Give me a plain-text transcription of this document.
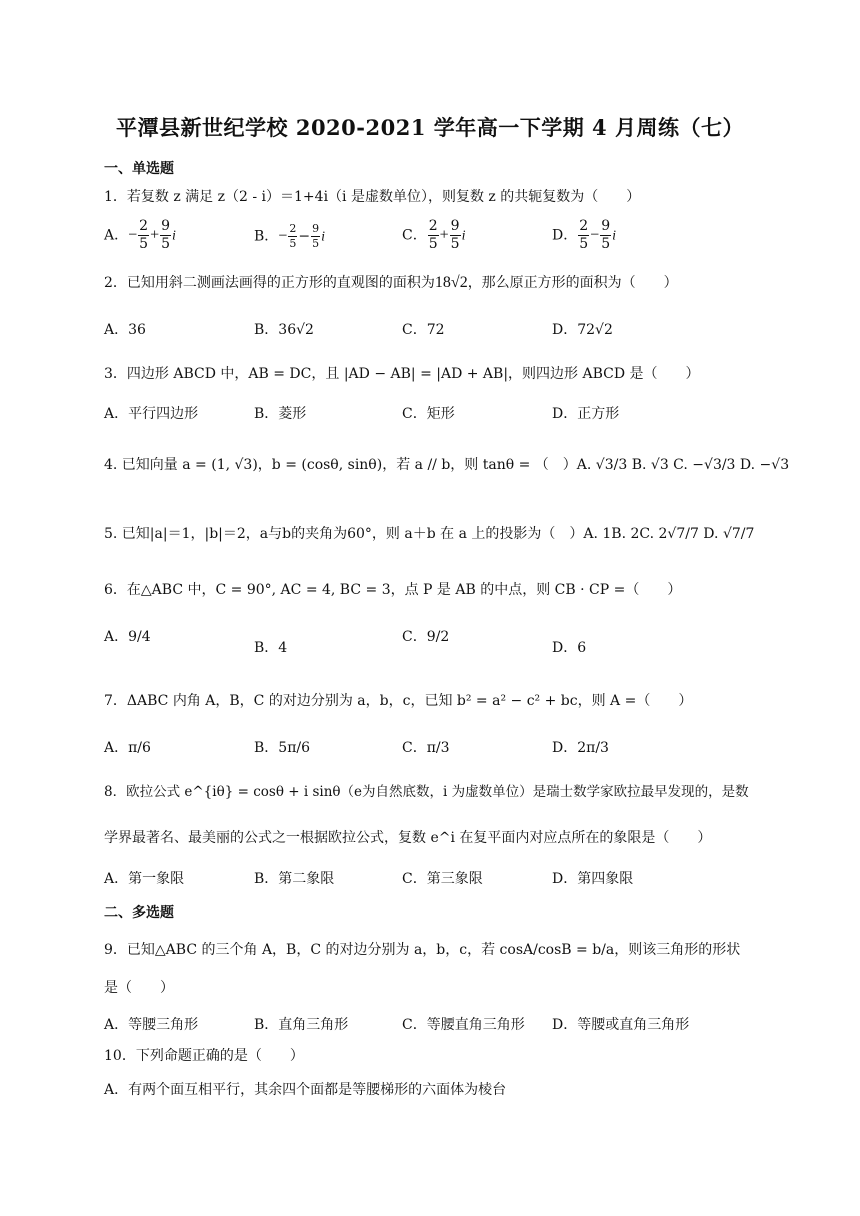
平潭县新世纪学校 2020-2021 学年高一下学期 4 月周练（七）
一、单选题
1．若复数 z 满足 z（2 - i）＝1+4i（i 是虚数单位），则复数 z 的共轭复数为（　　）
A．− $\frac{2}{5} + \frac{9}{5}$ i	B．− $\frac{2}{5} - \frac{9}{5}$ i	C． $\frac{2}{5} + \frac{9}{5}$ i	D． $\frac{2}{5} - \frac{9}{5}$ i
2．已知用斜二测画法画得的正方形的直观图的面积为18√2，那么原正方形的面积为（　　）
A．36	B．36√2	C．72	D．72√2
3．四边形 ABCD 中，AB = DC，且 |AD − AB| = |AD + AB|，则四边形 ABCD 是（　　）
A．平行四边形	B．菱形	C．矩形	D．正方形
4. 已知向量 a = (1, √3)，b = (cosθ, sinθ)，若 a // b，则 tanθ = （　）A. √3/3 B. √3 C. −√3/3 D. −√3
5. 已知|a|＝1，|b|＝2，a与b的夹角为60°，则 a＋b 在 a 上的投影为（　）A. 1B. 2C. 2√7/7 D. √7/7
6．在△ABC 中，C = 90°, AC = 4, BC = 3，点 P 是 AB 的中点，则 CB · CP =（　　）
A．9/4
B．4
C．9/2
D．6
7．ΔABC 内角 A，B，C 的对边分别为 a，b，c，已知 b² = a² − c² + bc，则 A =（　　）
A．π/6	B．5π/6	C．π/3	D．2π/3
8．欧拉公式 e^{iθ} = cosθ + i sinθ（e为自然底数，i 为虚数单位）是瑞士数学家欧拉最早发现的，是数
学界最著名、最美丽的公式之一根据欧拉公式，复数 e^i 在复平面内对应点所在的象限是（　　）
A．第一象限	B．第二象限	C．第三象限	D．第四象限
二、多选题
9．已知△ABC 的三个角 A，B，C 的对边分别为 a，b，c，若 cosA/cosB = b/a，则该三角形的形状
是（　　）
A．等腰三角形	B．直角三角形	C．等腰直角三角形 D．等腰或直角三角形
10．下列命题正确的是（　　）
A．有两个面互相平行，其余四个面都是等腰梯形的六面体为棱台
